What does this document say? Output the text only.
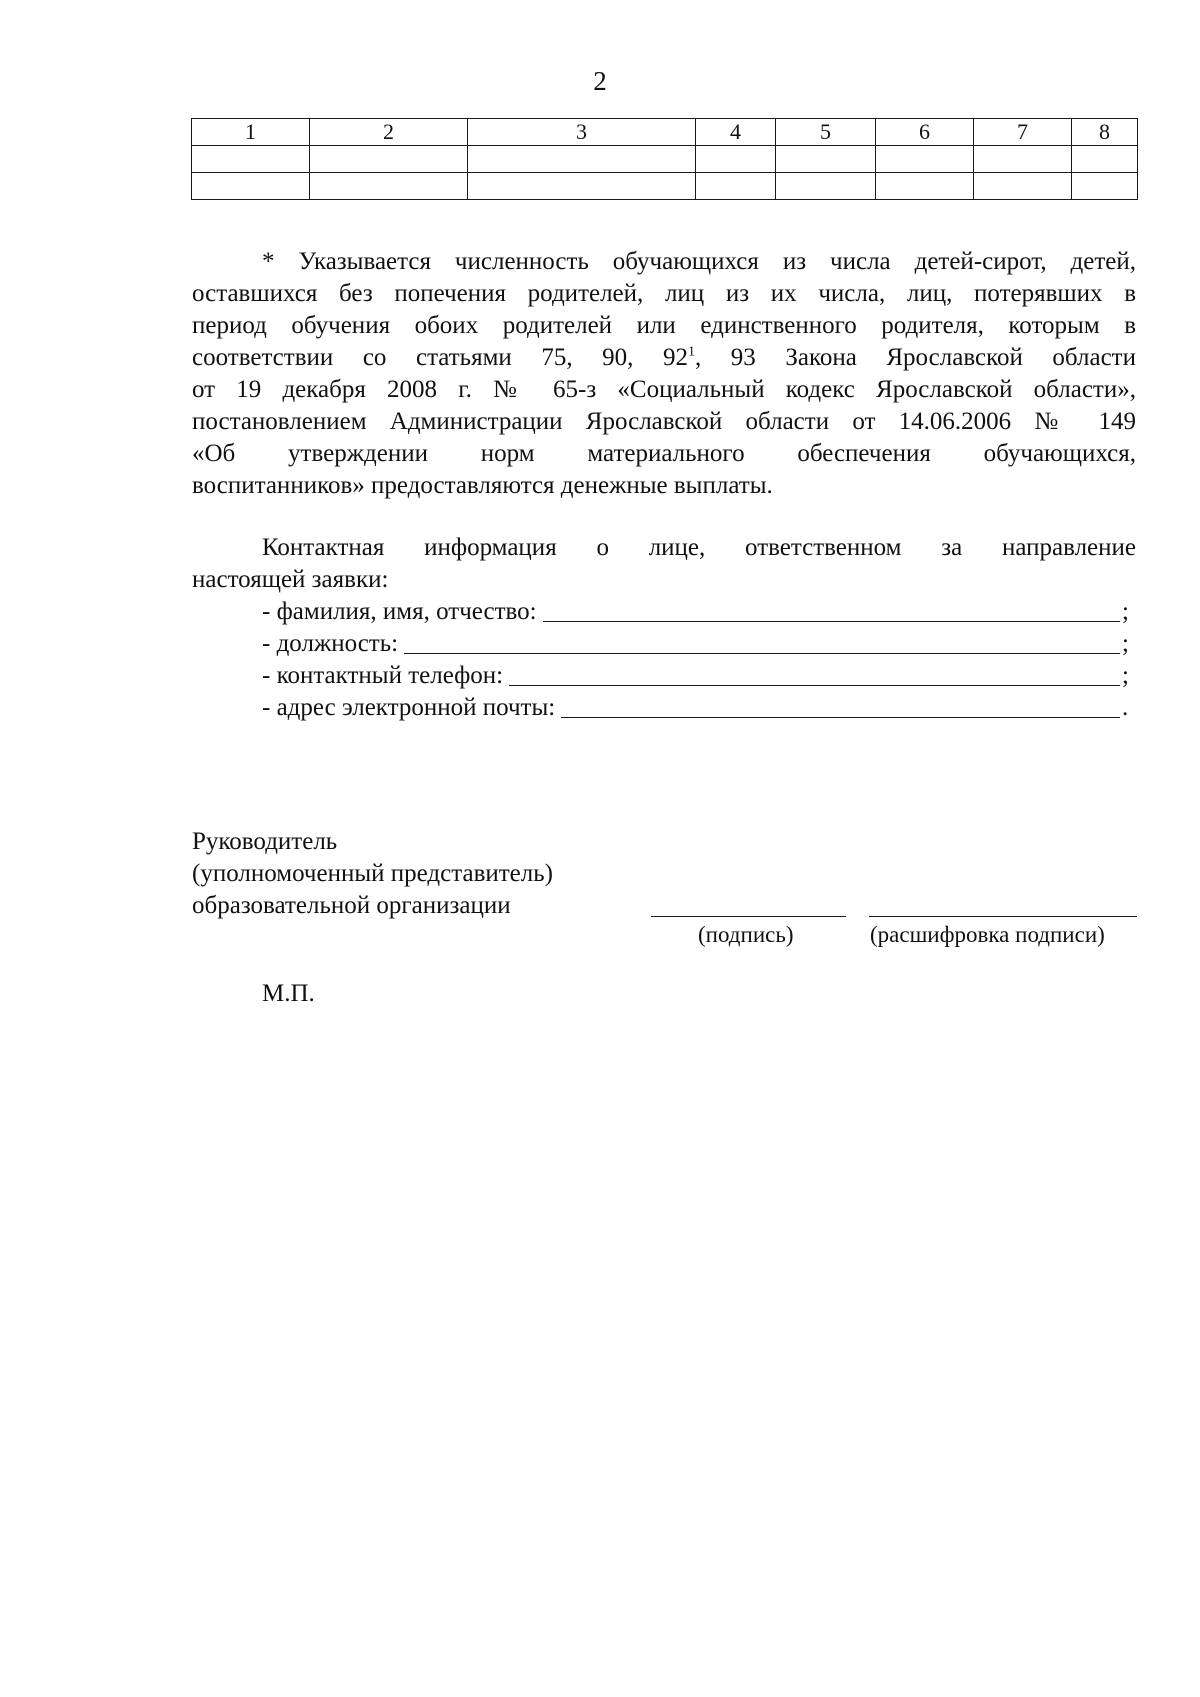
2
1	2	3	4	5	6	7	8

* Указывается численность обучающихся из числа детей-сирот, детей,

оставшихся без попечения родителей, лиц из их числа, лиц, потерявших в

период обучения обоих родителей или единственного родителя, которым в

соответствии со статьями 75, 90, $92^1$, 93 Закона Ярославской области

от 19 декабря 2008 г. № 65-з «Социальный кодекс Ярославской области»,

постановлением Администрации Ярославской области от 14.06.2006 № 149

«Об утверждении норм материального обеспечения обучающихся,

воспитанников» предоставляются денежные выплаты.

Контактная информация о лице, ответственном за направление

настоящей заявки:

- фамилия, имя, отчество:	;
- должность:	;
- контактный телефон:	;
- адрес электронной почты:	.
Руководитель
(уполномоченный представитель)
образовательной организации
(подпись)	(расшифровка подписи)
М.П.
